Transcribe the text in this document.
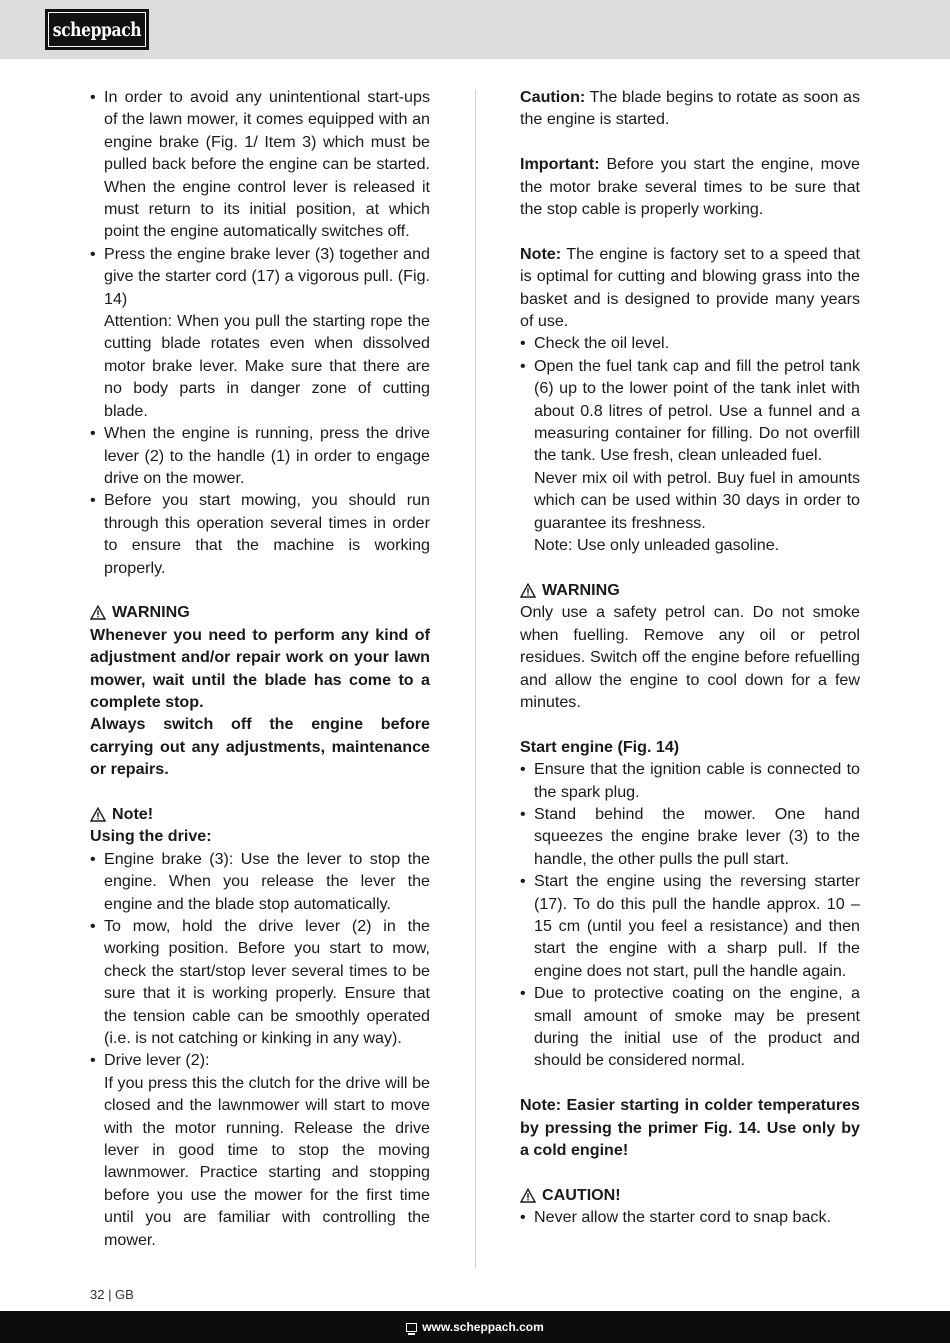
scheppach
• In order to avoid any unintentional start-ups of the lawn mower, it comes equipped with an engine brake (Fig. 1/ Item 3) which must be pulled back before the engine can be started. When the engine control lever is released it must return to its initial position, at which point the engine automatically switches off.
• Press the engine brake lever (3) together and give the starter cord (17) a vigorous pull. (Fig. 14)
Attention: When you pull the starting rope the cutting blade rotates even when dissolved motor brake lever. Make sure that there are no body parts in danger zone of cutting blade.
• When the engine is running, press the drive lever (2) to the handle (1) in order to engage drive on the mower.
• Before you start mowing, you should run through this operation several times in order to ensure that the machine is working properly.
WARNING
Whenever you need to perform any kind of adjustment and/or repair work on your lawn mower, wait until the blade has come to a complete stop.
Always switch off the engine before carrying out any adjustments, maintenance or repairs.
Note!
Using the drive:
• Engine brake (3): Use the lever to stop the engine. When you release the lever the engine and the blade stop automatically.
• To mow, hold the drive lever (2) in the working position. Before you start to mow, check the start/stop lever several times to be sure that it is working properly. Ensure that the tension cable can be smoothly operated (i.e. is not catching or kinking in any way).
• Drive lever (2):
If you press this the clutch for the drive will be closed and the lawnmower will start to move with the motor running. Release the drive lever in good time to stop the moving lawnmower. Practice starting and stopping before you use the mower for the first time until you are familiar with controlling the mower.
Caution: The blade begins to rotate as soon as the engine is started.
Important: Before you start the engine, move the motor brake several times to be sure that the stop cable is properly working.
Note: The engine is factory set to a speed that is optimal for cutting and blowing grass into the basket and is designed to provide many years of use.
• Check the oil level.
• Open the fuel tank cap and fill the petrol tank (6) up to the lower point of the tank inlet with about 0.8 litres of petrol. Use a funnel and a measuring container for filling. Do not overfill the tank. Use fresh, clean unleaded fuel.
Never mix oil with petrol. Buy fuel in amounts which can be used within 30 days in order to guarantee its freshness.
Note: Use only unleaded gasoline.
WARNING
Only use a safety petrol can. Do not smoke when fuelling. Remove any oil or petrol residues. Switch off the engine before refuelling and allow the engine to cool down for a few minutes.
Start engine (Fig. 14)
• Ensure that the ignition cable is connected to the spark plug.
• Stand behind the mower. One hand squeezes the engine brake lever (3) to the handle, the other pulls the pull start.
• Start the engine using the reversing starter (17). To do this pull the handle approx. 10 – 15 cm (until you feel a resistance) and then start the engine with a sharp pull. If the engine does not start, pull the handle again.
• Due to protective coating on the engine, a small amount of smoke may be present during the initial use of the product and should be considered normal.
Note: Easier starting in colder temperatures by pressing the primer Fig. 14. Use only by a cold engine!
CAUTION!
• Never allow the starter cord to snap back.
32 | GB
www.scheppach.com
